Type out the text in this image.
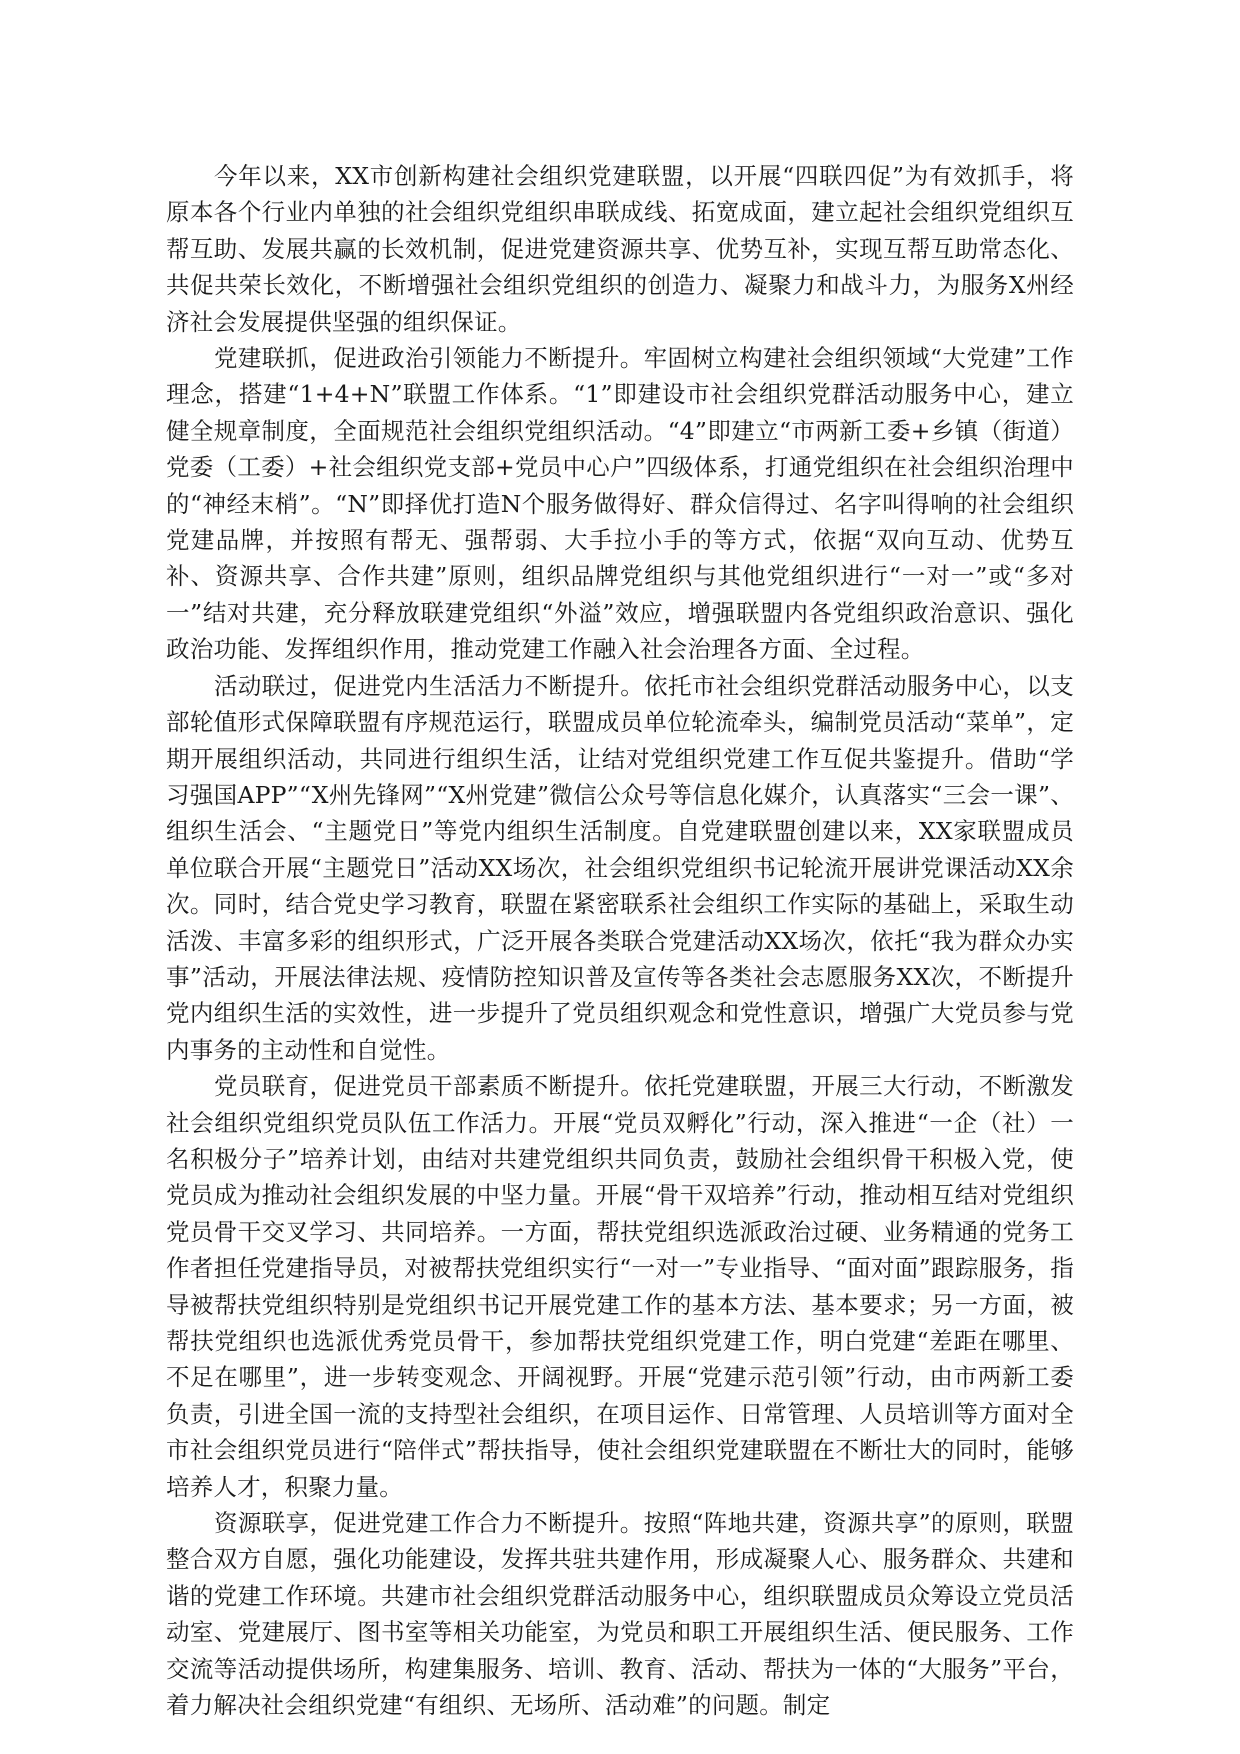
今年以来，XX市创新构建社会组织党建联盟，以开展“四联四促”为有效抓手，将原本各个行业内单独的社会组织党组织串联成线、拓宽成面，建立起社会组织党组织互帮互助、发展共赢的长效机制，促进党建资源共享、优势互补，实现互帮互助常态化、共促共荣长效化，不断增强社会组织党组织的创造力、凝聚力和战斗力，为服务X州经济社会发展提供坚强的组织保证。

党建联抓，促进政治引领能力不断提升。牢固树立构建社会组织领域“大党建”工作理念，搭建“1+4+N”联盟工作体系。“1”即建设市社会组织党群活动服务中心，建立健全规章制度，全面规范社会组织党组织活动。“4”即建立“市两新工委+乡镇（街道）党委（工委）+社会组织党支部+党员中心户”四级体系，打通党组织在社会组织治理中的“神经末梢”。“N”即择优打造N个服务做得好、群众信得过、名字叫得响的社会组织党建品牌，并按照有帮无、强帮弱、大手拉小手的等方式，依据“双向互动、优势互补、资源共享、合作共建”原则，组织品牌党组织与其他党组织进行“一对一”或“多对一”结对共建，充分释放联建党组织“外溢”效应，增强联盟内各党组织政治意识、强化政治功能、发挥组织作用，推动党建工作融入社会治理各方面、全过程。

活动联过，促进党内生活活力不断提升。依托市社会组织党群活动服务中心，以支部轮值形式保障联盟有序规范运行，联盟成员单位轮流牵头，编制党员活动“菜单”，定期开展组织活动，共同进行组织生活，让结对党组织党建工作互促共鉴提升。借助“学习强国APP”“X州先锋网”“X州党建”微信公众号等信息化媒介，认真落实“三会一课”、组织生活会、“主题党日”等党内组织生活制度。自党建联盟创建以来，XX家联盟成员单位联合开展“主题党日”活动XX场次，社会组织党组织书记轮流开展讲党课活动XX余次。同时，结合党史学习教育，联盟在紧密联系社会组织工作实际的基础上，采取生动活泼、丰富多彩的组织形式，广泛开展各类联合党建活动XX场次，依托“我为群众办实事”活动，开展法律法规、疫情防控知识普及宣传等各类社会志愿服务XX次，不断提升党内组织生活的实效性，进一步提升了党员组织观念和党性意识，增强广大党员参与党内事务的主动性和自觉性。

党员联育，促进党员干部素质不断提升。依托党建联盟，开展三大行动，不断激发社会组织党组织党员队伍工作活力。开展“党员双孵化”行动，深入推进“一企（社）一名积极分子”培养计划，由结对共建党组织共同负责，鼓励社会组织骨干积极入党，使党员成为推动社会组织发展的中坚力量。开展“骨干双培养”行动，推动相互结对党组织党员骨干交叉学习、共同培养。一方面，帮扶党组织选派政治过硬、业务精通的党务工作者担任党建指导员，对被帮扶党组织实行“一对一”专业指导、“面对面”跟踪服务，指导被帮扶党组织特别是党组织书记开展党建工作的基本方法、基本要求；另一方面，被帮扶党组织也选派优秀党员骨干，参加帮扶党组织党建工作，明白党建“差距在哪里、不足在哪里”，进一步转变观念、开阔视野。开展“党建示范引领”行动，由市两新工委负责，引进全国一流的支持型社会组织，在项目运作、日常管理、人员培训等方面对全市社会组织党员进行“陪伴式”帮扶指导，使社会组织党建联盟在不断壮大的同时，能够培养人才，积聚力量。

资源联享，促进党建工作合力不断提升。按照“阵地共建，资源共享”的原则，联盟整合双方自愿，强化功能建设，发挥共驻共建作用，形成凝聚人心、服务群众、共建和谐的党建工作环境。共建市社会组织党群活动服务中心，组织联盟成员众筹设立党员活动室、党建展厅、图书室等相关功能室，为党员和职工开展组织生活、便民服务、工作交流等活动提供场所，构建集服务、培训、教育、活动、帮扶为一体的“大服务”平台，着力解决社会组织党建“有组织、无场所、活动难”的问题。制定
